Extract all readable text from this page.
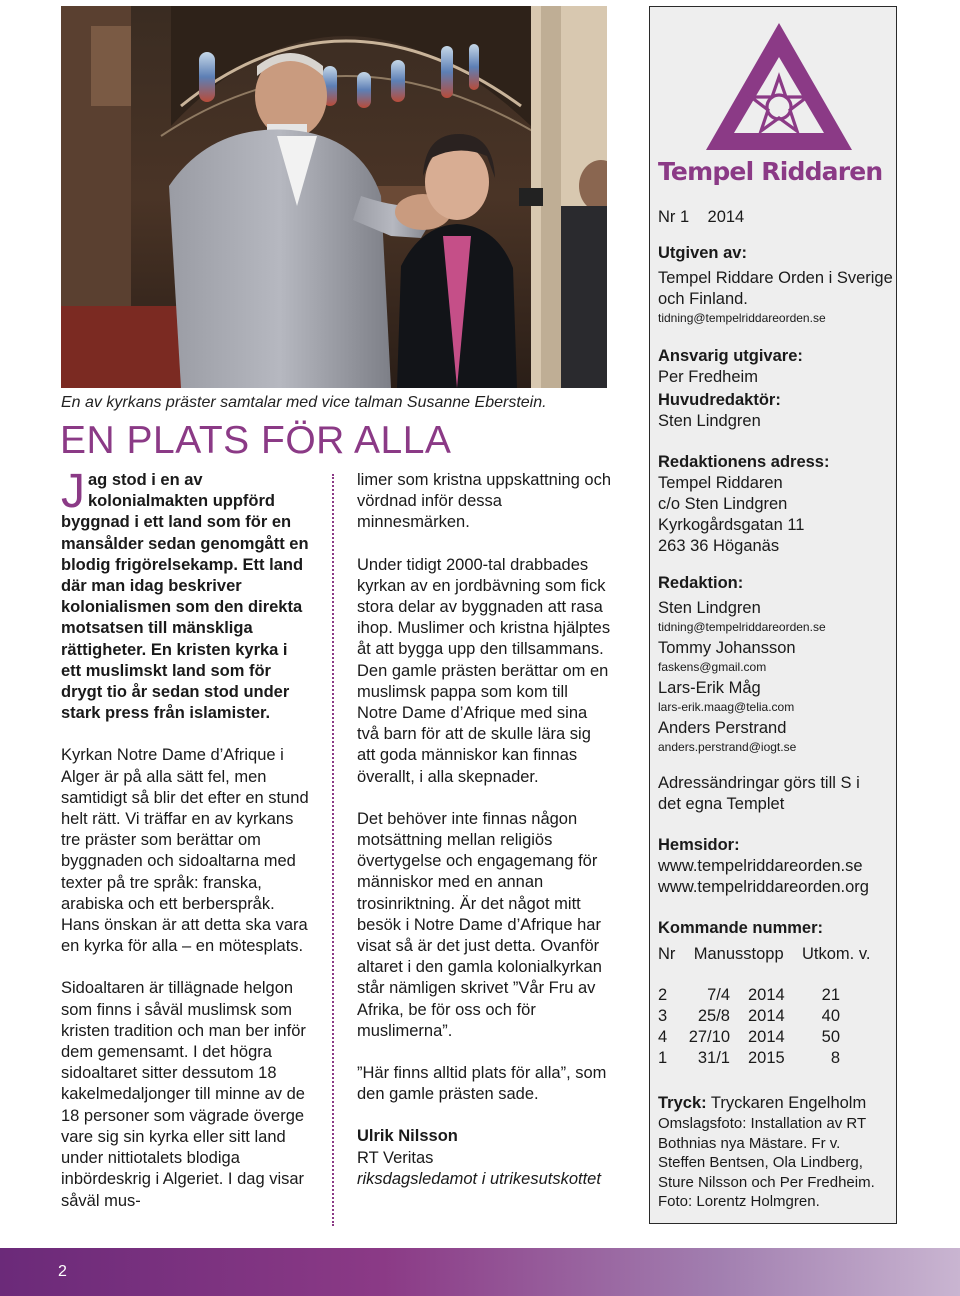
En av kyrkans präster samtalar med vice talman Susanne Eberstein.
EN PLATS FÖR ALLA

Jag stod i en av kolonialmakten uppförd byggnad i ett land som för en mansålder sedan genomgått en blodig frigörelsekamp. Ett land där man idag beskriver kolonialismen som den direkta motsatsen till mänskliga rättigheter. En kristen kyrka i ett muslimskt land som för drygt tio år sedan stod under stark press från islamister.

Kyrkan Notre Dame d’Afrique i Alger är på alla sätt fel, men samtidigt så blir det efter en stund helt rätt. Vi träffar en av kyrkans tre präster som berättar om byggnaden och sidoaltarna med texter på tre språk: franska, arabiska och ett berberspråk. Hans önskan är att detta ska vara en kyrka för alla – en mötesplats.

Sidoaltaren är tillägnade helgon som finns i såväl muslimsk som kristen tradition och man ber inför dem gemensamt. I det högra sidoaltaret sitter dessutom 18 kakelmedaljonger till minne av de 18 personer som vägrade överge vare sig sin kyrka eller sitt land under nittiotalets blodiga inbördeskrig i Algeriet. I dag visar såväl mus-

limer som kristna uppskattning och vördnad inför dessa minnesmärken.

Under tidigt 2000-tal drabbades kyrkan av en jordbävning som fick stora delar av byggnaden att rasa ihop. Muslimer och kristna hjälptes åt att bygga upp den tillsammans. Den gamle prästen berättar om en muslimsk pappa som kom till Notre Dame d’Afrique med sina två barn för att de skulle lära sig att goda människor kan finnas överallt, i alla skepnader.

Det behöver inte finnas någon motsättning mellan religiös övertygelse och engagemang för människor med en annan trosinriktning. Är det något mitt besök i Notre Dame d’Afrique har visat så är det just detta. Ovanför altaret i den gamla kolonialkyrkan står nämligen skrivet ”Vår Fru av Afrika, be för oss och för muslimerna”.

”Här finns alltid plats för alla”, som den gamle prästen sade.

Ulrik Nilsson
RT Veritas
riksdagsledamot i utrikesutskottet

Tempel Riddaren
Nr 1 2014
Utgiven av:
Tempel Riddare Orden i Sverige och Finland.
tidning@tempelriddareorden.se
Ansvarig utgivare:
Per Fredheim
Huvudredaktör:
Sten Lindgren
Redaktionens adress:
Tempel Riddaren
c/o Sten Lindgren
Kyrkogårdsgatan 11
263 36 Höganäs
Redaktion:
Sten Lindgren
tidning@tempelriddareorden.se
Tommy Johansson
faskens@gmail.com
Lars-Erik Måg
lars-erik.maag@telia.com
Anders Perstrand
anders.perstrand@iogt.se
Adressändringar görs till S i det egna Templet
Hemsidor:
www.tempelriddareorden.se
www.tempelriddareorden.org
Kommande nummer:
Nr Manusstopp Utkom. v.
2	7/4 2014	21
3	25/8 2014	40
4	27/10 2014	50
1	31/1 2015	8
Tryck: Tryckaren Engelholm
Omslagsfoto: Installation av RT Bothnias nya Mästare. Fr v. Steffen Bentsen, Ola Lindberg, Sture Nilsson och Per Fredheim. Foto: Lorentz Holmgren.
2
